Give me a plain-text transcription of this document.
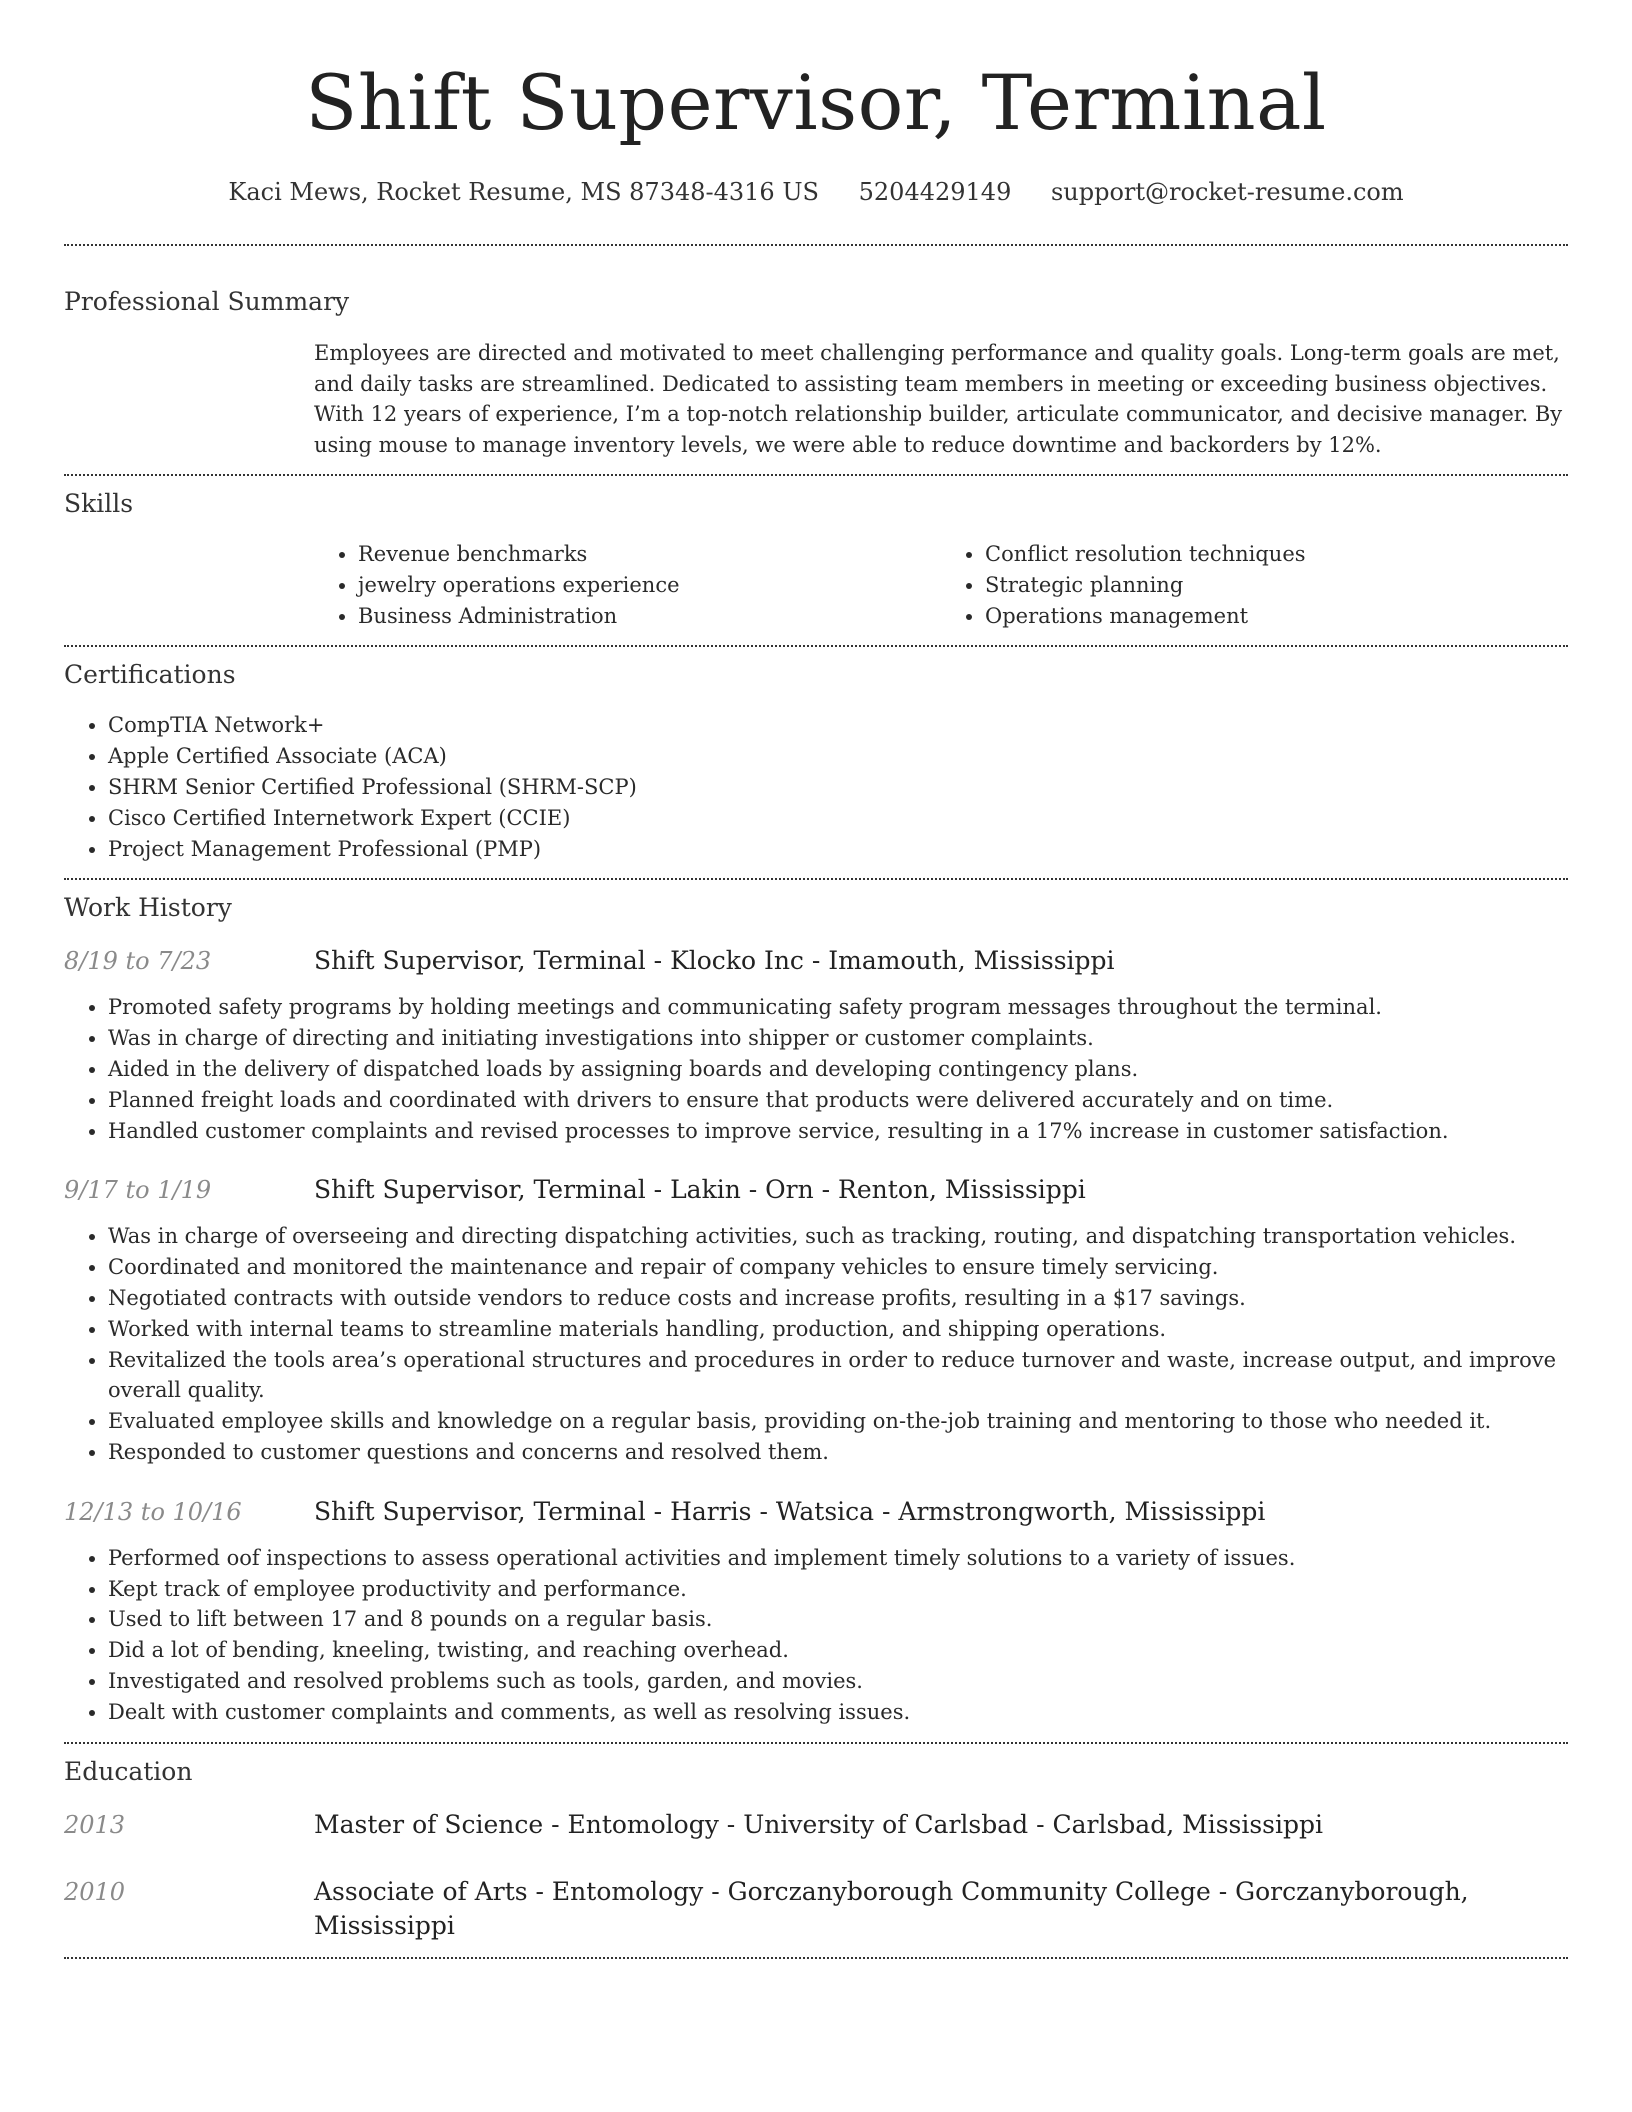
Shift Supervisor, Terminal
Kaci Mews, Rocket Resume, MS 87348-4316 US 5204429149 support@rocket-resume.com
Professional Summary
Employees are directed and motivated to meet challenging performance and quality goals. Long-term goals are met, and daily tasks are streamlined. Dedicated to assisting team members in meeting or exceeding business objectives. With 12 years of experience, I’m a top-notch relationship builder, articulate communicator, and decisive manager. By using mouse to manage inventory levels, we were able to reduce downtime and backorders by 12%.
Skills
• Revenue benchmarks
• jewelry operations experience
• Business Administration
• Conflict resolution techniques
• Strategic planning
• Operations management
Certifications
• CompTIA Network+
• Apple Certified Associate (ACA)
• SHRM Senior Certified Professional (SHRM-SCP)
• Cisco Certified Internetwork Expert (CCIE)
• Project Management Professional (PMP)
Work History
8/19 to 7/23	Shift Supervisor, Terminal - Klocko Inc - Imamouth, Mississippi
• Promoted safety programs by holding meetings and communicating safety program messages throughout the terminal.
• Was in charge of directing and initiating investigations into shipper or customer complaints.
• Aided in the delivery of dispatched loads by assigning boards and developing contingency plans.
• Planned freight loads and coordinated with drivers to ensure that products were delivered accurately and on time.
• Handled customer complaints and revised processes to improve service, resulting in a 17% increase in customer satisfaction.
9/17 to 1/19	Shift Supervisor, Terminal - Lakin - Orn - Renton, Mississippi
• Was in charge of overseeing and directing dispatching activities, such as tracking, routing, and dispatching transportation vehicles.
• Coordinated and monitored the maintenance and repair of company vehicles to ensure timely servicing.
• Negotiated contracts with outside vendors to reduce costs and increase profits, resulting in a $17 savings.
• Worked with internal teams to streamline materials handling, production, and shipping operations.
• Revitalized the tools area’s operational structures and procedures in order to reduce turnover and waste, increase output, and improve overall quality.
• Evaluated employee skills and knowledge on a regular basis, providing on-the-job training and mentoring to those who needed it.
• Responded to customer questions and concerns and resolved them.
12/13 to 10/16	Shift Supervisor, Terminal - Harris - Watsica - Armstrongworth, Mississippi
• Performed oof inspections to assess operational activities and implement timely solutions to a variety of issues.
• Kept track of employee productivity and performance.
• Used to lift between 17 and 8 pounds on a regular basis.
• Did a lot of bending, kneeling, twisting, and reaching overhead.
• Investigated and resolved problems such as tools, garden, and movies.
• Dealt with customer complaints and comments, as well as resolving issues.
Education
2013	Master of Science - Entomology - University of Carlsbad - Carlsbad, Mississippi
2010	Associate of Arts - Entomology - Gorczanyborough Community College - Gorczanyborough, Mississippi
